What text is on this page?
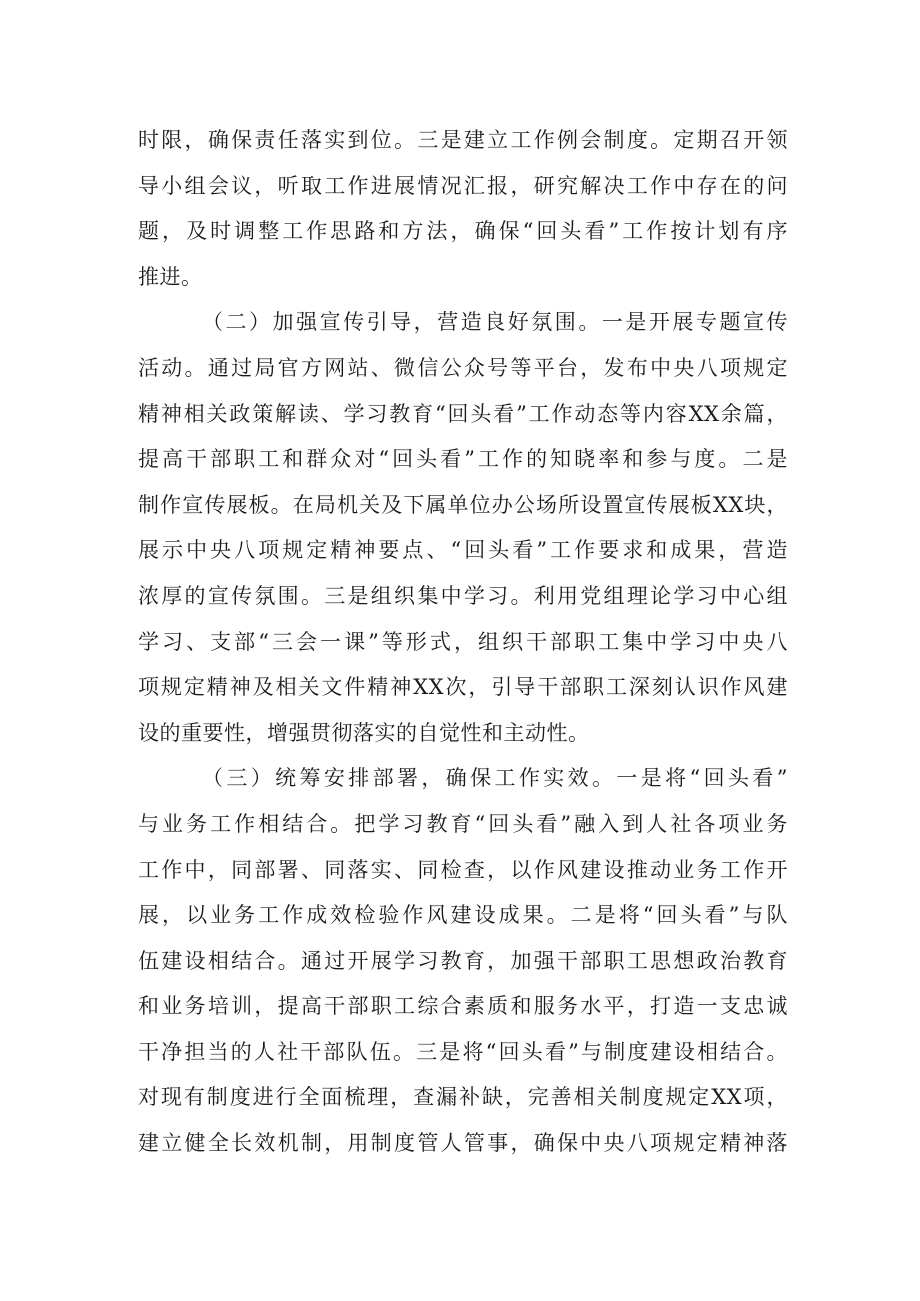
时限，确保责任落实到位。三是建立工作例会制度。定期召开领
导小组会议，听取工作进展情况汇报，研究解决工作中存在的问
题，及时调整工作思路和方法，确保“回头看”工作按计划有序
推进。
（二）加强宣传引导，营造良好氛围。一是开展专题宣传
活动。通过局官方网站、微信公众号等平台，发布中央八项规定
精神相关政策解读、学习教育“回头看”工作动态等内容XX余篇，
提高干部职工和群众对“回头看”工作的知晓率和参与度。二是
制作宣传展板。在局机关及下属单位办公场所设置宣传展板XX块，
展示中央八项规定精神要点、“回头看”工作要求和成果，营造
浓厚的宣传氛围。三是组织集中学习。利用党组理论学习中心组
学习、支部“三会一课”等形式，组织干部职工集中学习中央八
项规定精神及相关文件精神XX次，引导干部职工深刻认识作风建
设的重要性，增强贯彻落实的自觉性和主动性。
（三）统筹安排部署，确保工作实效。一是将“回头看”
与业务工作相结合。把学习教育“回头看”融入到人社各项业务
工作中，同部署、同落实、同检查，以作风建设推动业务工作开
展，以业务工作成效检验作风建设成果。二是将“回头看”与队
伍建设相结合。通过开展学习教育，加强干部职工思想政治教育
和业务培训，提高干部职工综合素质和服务水平，打造一支忠诚
干净担当的人社干部队伍。三是将“回头看”与制度建设相结合。
对现有制度进行全面梳理，查漏补缺，完善相关制度规定XX项，
建立健全长效机制，用制度管人管事，确保中央八项规定精神落
